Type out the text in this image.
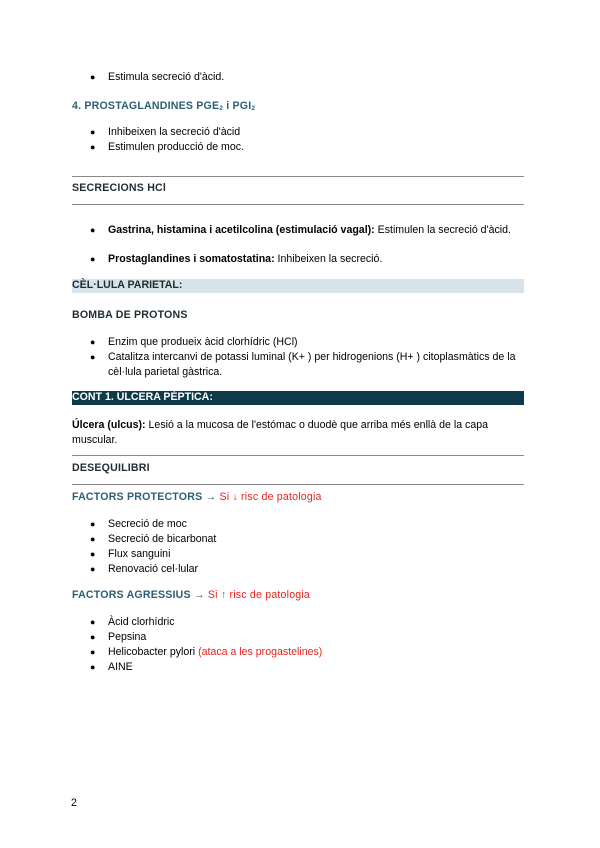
● Estimula secreció d'àcid.
4. PROSTAGLANDINES $PGE_2$ i $PGI_2$
● Inhibeixen la secreció d'àcid
● Estimulen producció de moc.
SECRECIONS HCl
● Gastrina, histamina i acetilcolina (estimulació vagal): Estimulen la secreció d'àcid.
● Prostaglandines i somatostatina: Inhibeixen la secreció.
CÈL·LULA PARIETAL:
BOMBA DE PROTONS
● Enzim que produeix àcid clorhídric (HCl)
● Catalitza intercanvi de potassi luminal (K+ ) per hidrogenions (H+ ) citoplasmàtics de la cèl·lula parietal gàstrica.
CONT 1. ÚLCERA PÈPTICA:
Úlcera (ulcus): Lesió a la mucosa de l'estómac o duodè que arriba més enllà de la capa muscular.
DESEQUILIBRI
FACTORS PROTECTORS → Si ↓ risc de patologia
● Secreció de moc
● Secreció de bicarbonat
● Flux sanguini
● Renovació cel·lular
FACTORS AGRESSIUS → Si ↑ risc de patologia
● Àcid clorhídric
● Pepsina
● Helicobacter pylori (ataca a les progastelines)
● AINE
2
